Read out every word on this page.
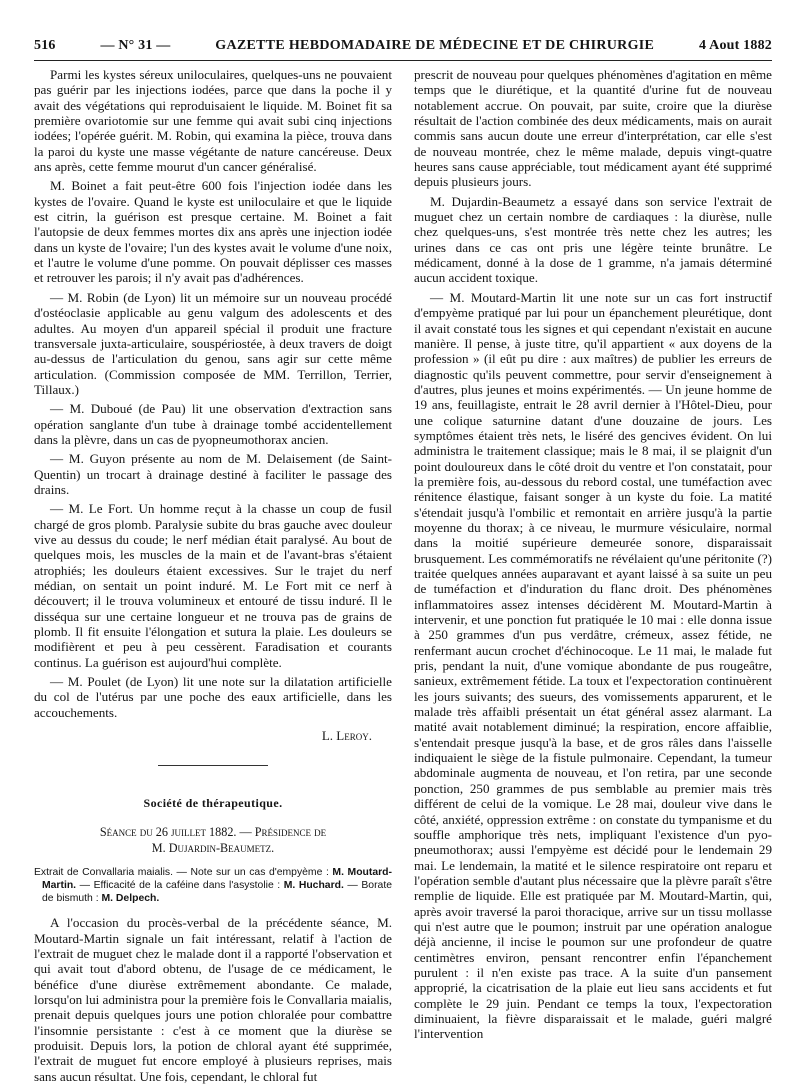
516	— N° 31 —	GAZETTE HEBDOMADAIRE DE MÉDECINE ET DE CHIRURGIE	4 Aout 1882

Parmi les kystes séreux uniloculaires, quelques-uns ne pouvaient pas guérir par les injections iodées, parce que dans la poche il y avait des végétations qui reproduisaient le liquide. M. Boinet fit sa première ovariotomie sur une femme qui avait subi cinq injections iodées; l'opérée guérit. M. Robin, qui examina la pièce, trouva dans la paroi du kyste une masse végétante de nature cancéreuse. Deux ans après, cette femme mourut d'un cancer généralisé.

M. Boinet a fait peut-être 600 fois l'injection iodée dans les kystes de l'ovaire. Quand le kyste est uniloculaire et que le liquide est citrin, la guérison est presque certaine. M. Boinet a fait l'autopsie de deux femmes mortes dix ans après une injection iodée dans un kyste de l'ovaire; l'un des kystes avait le volume d'une noix, et l'autre le volume d'une pomme. On pouvait déplisser ces masses et retrouver les parois; il n'y avait pas d'adhérences.

— M. Robin (de Lyon) lit un mémoire sur un nouveau procédé d'ostéoclasie applicable au genu valgum des adolescents et des adultes. Au moyen d'un appareil spécial il produit une fracture transversale juxta-articulaire, souspériostée, à deux travers de doigt au-dessus de l'articulation du genou, sans agir sur cette même articulation. (Commission composée de MM. Terrillon, Terrier, Tillaux.)

— M. Duboué (de Pau) lit une observation d'extraction sans opération sanglante d'un tube à drainage tombé accidentellement dans la plèvre, dans un cas de pyopneumothorax ancien.

— M. Guyon présente au nom de M. Delaisement (de Saint-Quentin) un trocart à drainage destiné à faciliter le passage des drains.

— M. Le Fort. Un homme reçut à la chasse un coup de fusil chargé de gros plomb. Paralysie subite du bras gauche avec douleur vive au dessus du coude; le nerf médian était paralysé. Au bout de quelques mois, les muscles de la main et de l'avant-bras s'étaient atrophiés; les douleurs étaient excessives. Sur le trajet du nerf médian, on sentait un point induré. M. Le Fort mit ce nerf à découvert; il le trouva volumineux et entouré de tissu induré. Il le disséqua sur une certaine longueur et ne trouva pas de grains de plomb. Il fit ensuite l'élongation et sutura la plaie. Les douleurs se modifièrent et peu à peu cessèrent. Faradisation et courants continus. La guérison est aujourd'hui complète.

— M. Poulet (de Lyon) lit une note sur la dilatation artificielle du col de l'utérus par une poche des eaux artificielle, dans les accouchements.

L. Leroy.
Société de thérapeutique.
Séance du 26 juillet 1882. — Présidence de
M. Dujardin-Beaumetz.
Extrait de Convallaria maialis. — Note sur un cas d'empyème : M. Moutard-Martin. — Efficacité de la caféine dans l'asystolie : M. Huchard. — Borate de bismuth : M. Delpech.

A l'occasion du procès-verbal de la précédente séance, M. Moutard-Martin signale un fait intéressant, relatif à l'action de l'extrait de muguet chez le malade dont il a rapporté l'observation et qui avait tout d'abord obtenu, de l'usage de ce médicament, le bénéfice d'une diurèse extrêmement abondante. Ce malade, lorsqu'on lui administra pour la première fois le Convallaria maialis, prenait depuis quelques jours une potion chloralée pour combattre l'insomnie persistante : c'est à ce moment que la diurèse se produisit. Depuis lors, la potion de chloral ayant été supprimée, l'extrait de muguet fut encore employé à plusieurs reprises, mais sans aucun résultat. Une fois, cependant, le chloral fut

prescrit de nouveau pour quelques phénomènes d'agitation en même temps que le diurétique, et la quantité d'urine fut de nouveau notablement accrue. On pouvait, par suite, croire que la diurèse résultait de l'action combinée des deux médicaments, mais on aurait commis sans aucun doute une erreur d'interprétation, car elle s'est de nouveau montrée, chez le même malade, depuis vingt-quatre heures sans cause appréciable, tout médicament ayant été supprimé depuis plusieurs jours.

M. Dujardin-Beaumetz a essayé dans son service l'extrait de muguet chez un certain nombre de cardiaques : la diurèse, nulle chez quelques-uns, s'est montrée très nette chez les autres; les urines dans ce cas ont pris une légère teinte brunâtre. Le médicament, donné à la dose de 1 gramme, n'a jamais déterminé aucun accident toxique.

— M. Moutard-Martin lit une note sur un cas fort instructif d'empyème pratiqué par lui pour un épanchement pleurétique, dont il avait constaté tous les signes et qui cependant n'existait en aucune manière. Il pense, à juste titre, qu'il appartient « aux doyens de la profession » (il eût pu dire : aux maîtres) de publier les erreurs de diagnostic qu'ils peuvent commettre, pour servir d'enseignement à d'autres, plus jeunes et moins expérimentés. — Un jeune homme de 19 ans, feuillagiste, entrait le 28 avril dernier à l'Hôtel-Dieu, pour une colique saturnine datant d'une douzaine de jours. Les symptômes étaient très nets, le liséré des gencives évident. On lui administra le traitement classique; mais le 8 mai, il se plaignit d'un point douloureux dans le côté droit du ventre et l'on constatait, pour la première fois, au-dessous du rebord costal, une tuméfaction avec rénitence élastique, faisant songer à un kyste du foie. La matité s'étendait jusqu'à l'ombilic et remontait en arrière jusqu'à la partie moyenne du thorax; à ce niveau, le murmure vésiculaire, normal dans la moitié supérieure demeurée sonore, disparaissait brusquement. Les commémoratifs ne révélaient qu'une péritonite (?) traitée quelques années auparavant et ayant laissé à sa suite un peu de tuméfaction et d'induration du flanc droit. Des phénomènes inflammatoires assez intenses décidèrent M. Moutard-Martin à intervenir, et une ponction fut pratiquée le 10 mai : elle donna issue à 250 grammes d'un pus verdâtre, crémeux, assez fétide, ne renfermant aucun crochet d'échinocoque. Le 11 mai, le malade fut pris, pendant la nuit, d'une vomique abondante de pus rougeâtre, sanieux, extrêmement fétide. La toux et l'expectoration continuèrent les jours suivants; des sueurs, des vomissements apparurent, et le malade très affaibli présentait un état général assez alarmant. La matité avait notablement diminué; la respiration, encore affaiblie, s'entendait presque jusqu'à la base, et de gros râles dans l'aisselle indiquaient le siège de la fistule pulmonaire. Cependant, la tumeur abdominale augmenta de nouveau, et l'on retira, par une seconde ponction, 250 grammes de pus semblable au premier mais très différent de celui de la vomique. Le 28 mai, douleur vive dans le côté, anxiété, oppression extrême : on constate du tympanisme et du souffle amphorique très nets, impliquant l'existence d'un pyo-pneumothorax; aussi l'empyème est décidé pour le lendemain 29 mai. Le lendemain, la matité et le silence respiratoire ont reparu et l'opération semble d'autant plus nécessaire que la plèvre paraît s'être remplie de liquide. Elle est pratiquée par M. Moutard-Martin, qui, après avoir traversé la paroi thoracique, arrive sur un tissu mollasse qui n'est autre que le poumon; instruit par une opération analogue déjà ancienne, il incise le poumon sur une profondeur de quatre centimètres environ, pensant rencontrer enfin l'épanchement purulent : il n'en existe pas trace. A la suite d'un pansement approprié, la cicatrisation de la plaie eut lieu sans accidents et fut complète le 29 juin. Pendant ce temps la toux, l'expectoration diminuaient, la fièvre disparaissait et le malade, guéri malgré l'intervention
